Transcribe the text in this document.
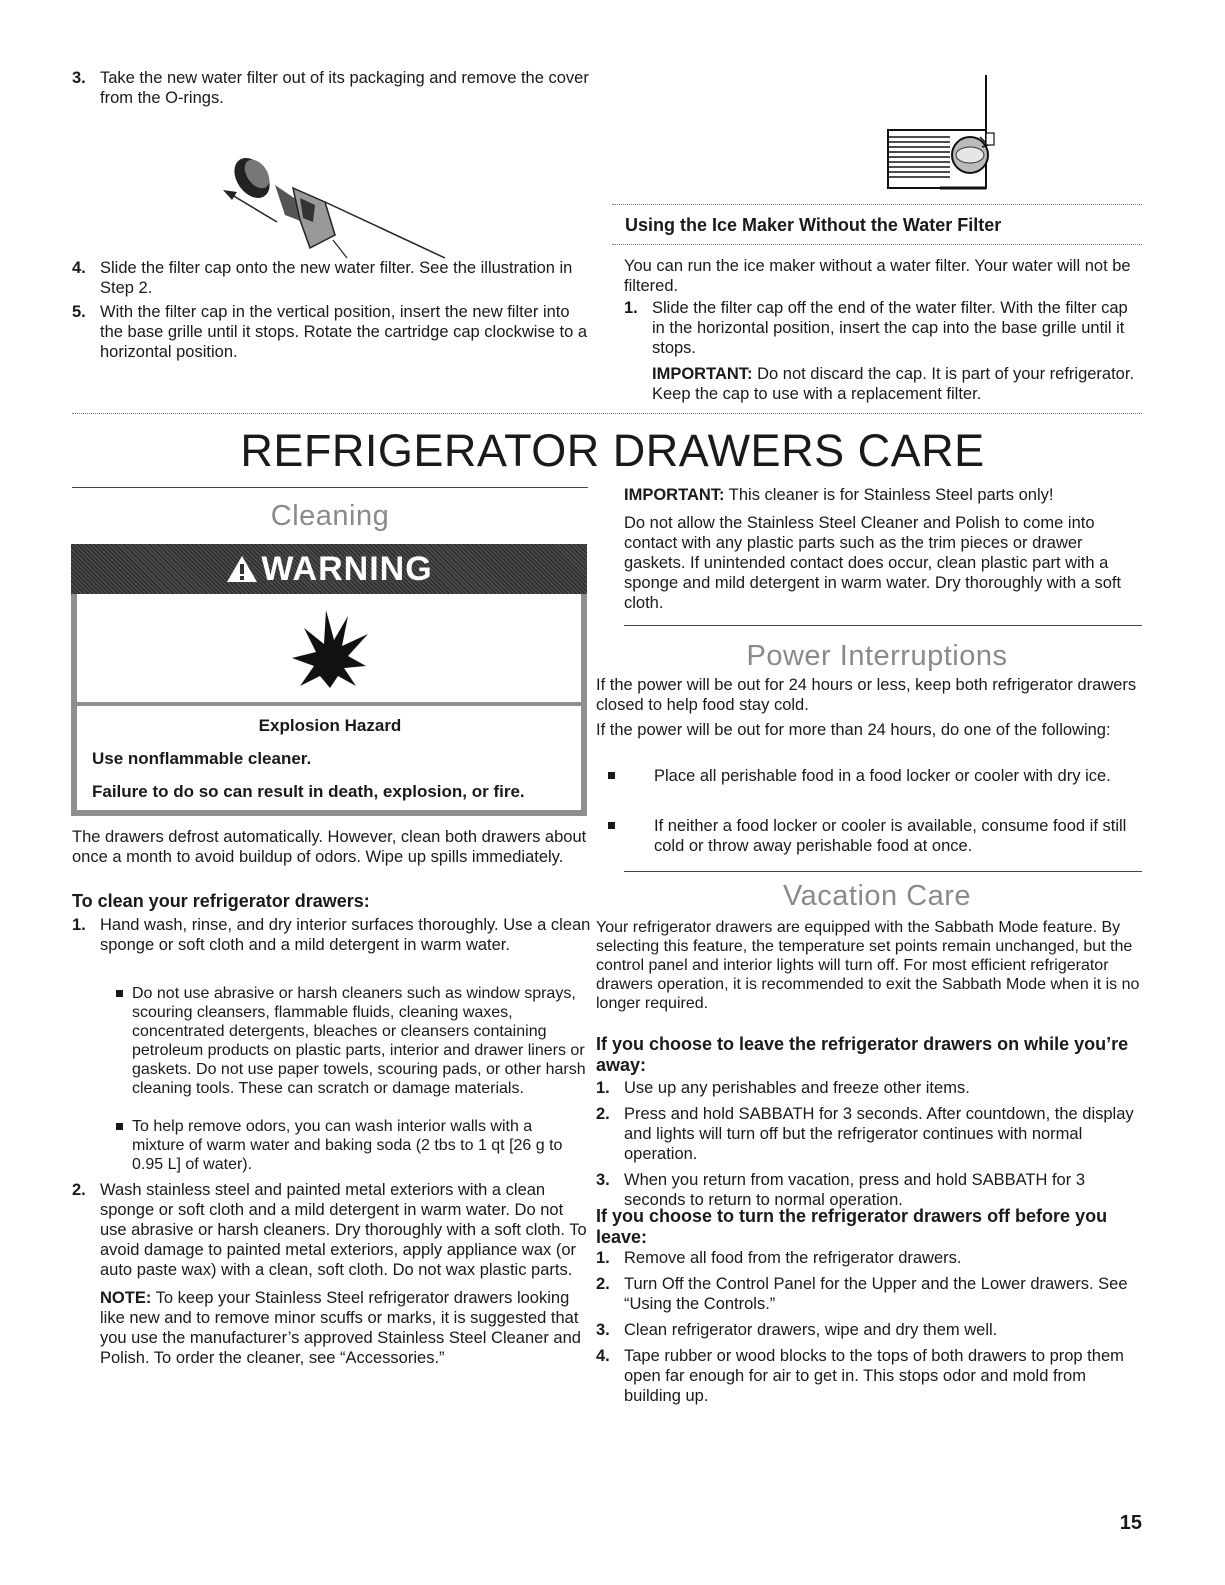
3. Take the new water filter out of its packaging and remove the cover from the O-rings.
4. Slide the filter cap onto the new water filter. See the illustration in Step 2.
5. With the filter cap in the vertical position, insert the new filter into the base grille until it stops. Rotate the cartridge cap clockwise to a horizontal position.
Using the Ice Maker Without the Water Filter
You can run the ice maker without a water filter. Your water will not be filtered.
1. Slide the filter cap off the end of the water filter. With the filter cap in the horizontal position, insert the cap into the base grille until it stops.

IMPORTANT: Do not discard the cap. It is part of your refrigerator. Keep the cap to use with a replacement filter.

REFRIGERATOR DRAWERS CARE
Cleaning
WARNING
Explosion Hazard
Use nonflammable cleaner.
Failure to do so can result in death, explosion, or fire.
The drawers defrost automatically. However, clean both drawers about once a month to avoid buildup of odors. Wipe up spills immediately.
To clean your refrigerator drawers:
1. Hand wash, rinse, and dry interior surfaces thoroughly. Use a clean sponge or soft cloth and a mild detergent in warm water.

Do not use abrasive or harsh cleaners such as window sprays, scouring cleansers, flammable fluids, cleaning waxes, concentrated detergents, bleaches or cleansers containing petroleum products on plastic parts, interior and drawer liners or gaskets. Do not use paper towels, scouring pads, or other harsh cleaning tools. These can scratch or damage materials.
To help remove odors, you can wash interior walls with a mixture of warm water and baking soda (2 tbs to 1 qt [26 g to 0.95 L] of water).
2. Wash stainless steel and painted metal exteriors with a clean sponge or soft cloth and a mild detergent in warm water. Do not use abrasive or harsh cleaners. Dry thoroughly with a soft cloth. To avoid damage to painted metal exteriors, apply appliance wax (or auto paste wax) with a clean, soft cloth. Do not wax plastic parts.

NOTE: To keep your Stainless Steel refrigerator drawers looking like new and to remove minor scuffs or marks, it is suggested that you use the manufacturer’s approved Stainless Steel Cleaner and Polish. To order the cleaner, see “Accessories.”

IMPORTANT: This cleaner is for Stainless Steel parts only!
Do not allow the Stainless Steel Cleaner and Polish to come into contact with any plastic parts such as the trim pieces or drawer gaskets. If unintended contact does occur, clean plastic part with a sponge and mild detergent in warm water. Dry thoroughly with a soft cloth.
Power Interruptions
If the power will be out for 24 hours or less, keep both refrigerator drawers closed to help food stay cold.
If the power will be out for more than 24 hours, do one of the following:
Place all perishable food in a food locker or cooler with dry ice.
If neither a food locker or cooler is available, consume food if still cold or throw away perishable food at once.
Vacation Care
Your refrigerator drawers are equipped with the Sabbath Mode feature. By selecting this feature, the temperature set points remain unchanged, but the control panel and interior lights will turn off. For most efficient refrigerator drawers operation, it is recommended to exit the Sabbath Mode when it is no longer required.
If you choose to leave the refrigerator drawers on while you’re away:
1. Use up any perishables and freeze other items.
2. Press and hold SABBATH for 3 seconds. After countdown, the display and lights will turn off but the refrigerator continues with normal operation.
3. When you return from vacation, press and hold SABBATH for 3 seconds to return to normal operation.
If you choose to turn the refrigerator drawers off before you leave:
1. Remove all food from the refrigerator drawers.
2. Turn Off the Control Panel for the Upper and the Lower drawers. See “Using the Controls.”
3. Clean refrigerator drawers, wipe and dry them well.
4. Tape rubber or wood blocks to the tops of both drawers to prop them open far enough for air to get in. This stops odor and mold from building up.
15
